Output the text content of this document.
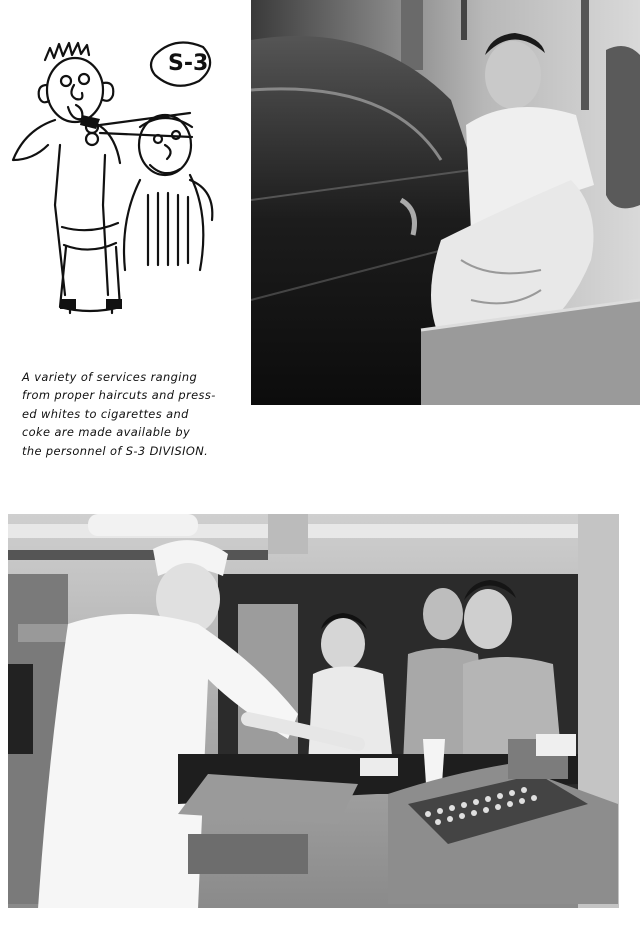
S-3
A variety of services ranging
from proper haircuts and press-
ed whites to cigarettes and
coke are made available by
the personnel of S-3 DIVISION.
